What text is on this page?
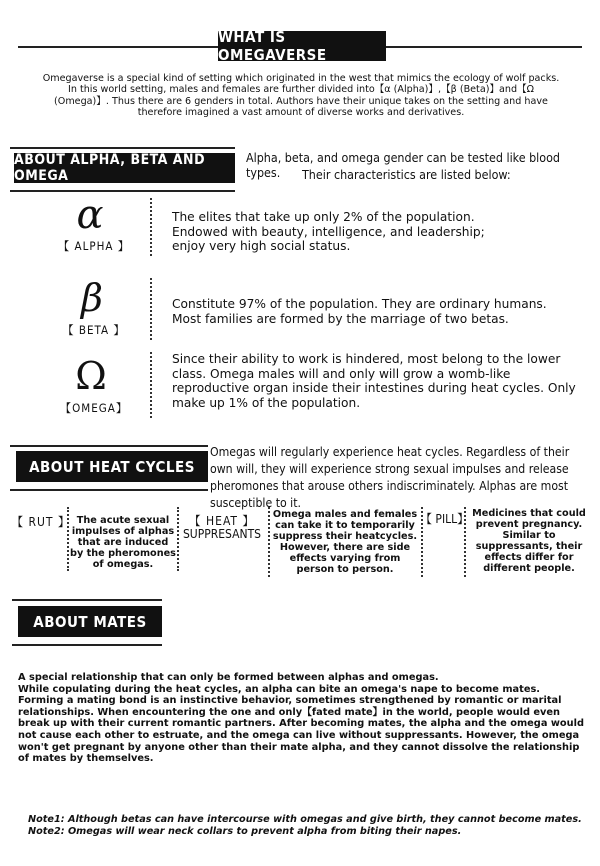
WHAT IS OMEGAVERSE
Omegaverse is a special kind of setting which originated in the west that mimics the ecology of wolf packs. In this world setting, males and females are further divided into【α (Alpha)】,【β (Beta)】and【Ω (Omega)】. Thus there are 6 genders in total. Authors have their unique takes on the setting and have therefore imagined a vast amount of diverse works and derivatives.
ABOUT ALPHA, BETA AND OMEGA
Alpha, beta, and omega gender can be tested like blood types.	Their characteristics are listed below:
α
【 ALPHA 】
The elites that take up only 2% of the population. Endowed with beauty, intelligence, and leadership; enjoy very high social status.
β
【 BETA 】
Constitute 97% of the population. They are ordinary humans. Most families are formed by the marriage of two betas.
Ω
【OMEGA】
Since their ability to work is hindered, most belong to the lower class. Omega males will and only will grow a womb-like reproductive organ inside their intestines during heat cycles. Only make up 1% of the population.
ABOUT HEAT CYCLES
Omegas will regularly experience heat cycles. Regardless of their own will, they will experience strong sexual impulses and release pheromones that arouse others indiscriminately. Alphas are most susceptible to it.
【 RUT 】 The acute sexual impulses of alphas that are induced by the pheromones of omegas.
【 HEAT 】
SUPPRESANTS
Omega males and females can take it to temporarily suppress their heatcycles. However, there are side effects varying from person to person.
【 PILL】 Medicines that could prevent pregnancy. Similar to suppressants, their effects differ for different people.
ABOUT MATES
A special relationship that can only be formed between alphas and omegas.
While copulating during the heat cycles, an alpha can bite an omega's nape to become mates.
Forming a mating bond is an instinctive behavior, sometimes strengthened by romantic or marital relationships. When encountering the one and only【fated mate】in the world, people would even break up with their current romantic partners. After becoming mates, the alpha and the omega would not cause each other to estruate, and the omega can live without suppressants. However, the omega won't get pregnant by anyone other than their mate alpha, and they cannot dissolve the relationship of mates by themselves.
Note1: Although betas can have intercourse with omegas and give birth, they cannot become mates.
Note2: Omegas will wear neck collars to prevent alpha from biting their napes.
